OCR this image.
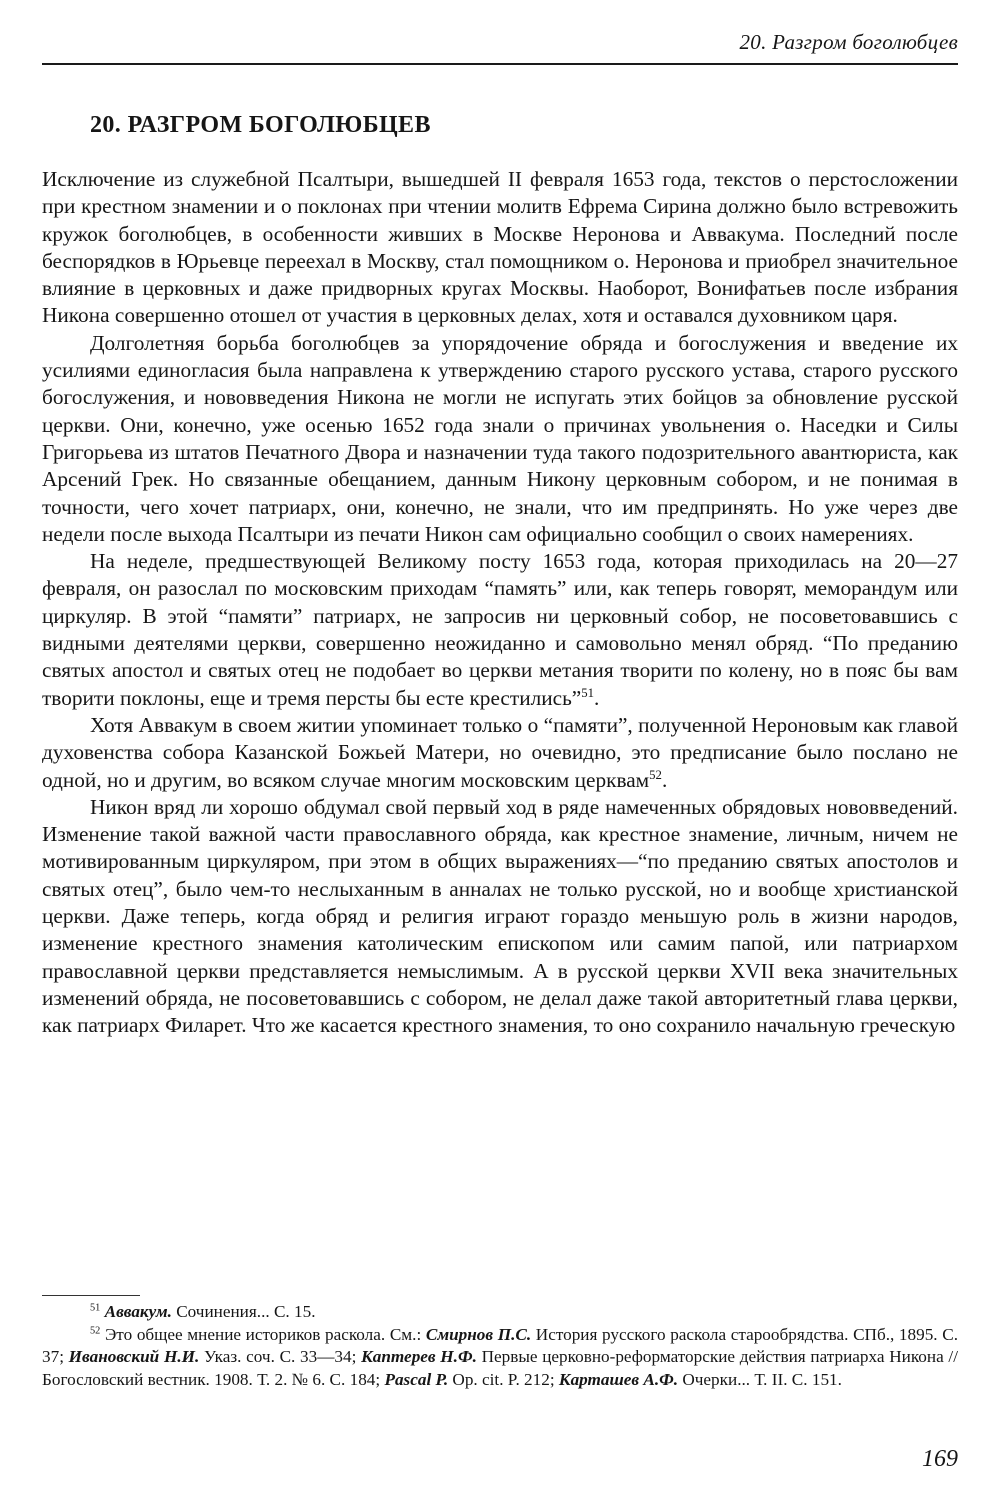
20. Разгром боголюбцев
20. РАЗГРОМ БОГОЛЮБЦЕВ

Исключение из служебной Псалтыри, вышедшей II февраля 1653 года, текстов о перстосложении при крестном знамении и о поклонах при чтении молитв Ефрема Сирина должно было встревожить кружок боголюбцев, в особенности живших в Москве Неронова и Аввакума. Последний после беспорядков в Юрьевце переехал в Москву, стал помощником о. Неронова и приобрел значительное влияние в церковных и даже придворных кругах Москвы. Наоборот, Вонифатьев после избрания Никона совершенно отошел от участия в церковных делах, хотя и оставался духовником царя.

Долголетняя борьба боголюбцев за упорядочение обряда и богослужения и введение их усилиями единогласия была направлена к утверждению старого русского устава, старого русского богослужения, и нововведения Никона не могли не испугать этих бойцов за обновление русской церкви. Они, конечно, уже осенью 1652 года знали о причинах увольнения о. Наседки и Силы Григорьева из штатов Печатного Двора и назначении туда такого подозрительного авантюриста, как Арсений Грек. Но связанные обещанием, данным Никону церковным собором, и не понимая в точности, чего хочет патриарх, они, конечно, не знали, что им предпринять. Но уже через две недели после выхода Псалтыри из печати Никон сам официально сообщил о своих намерениях.

На неделе, предшествующей Великому посту 1653 года, которая приходилась на 20—27 февраля, он разослал по московским приходам “память” или, как теперь говорят, меморандум или циркуляр. В этой “памяти” патриарх, не запросив ни церковный собор, не посоветовавшись с видными деятелями церкви, совершенно неожиданно и самовольно менял обряд. “По преданию святых апостол и святых отец не подобает во церкви метания творити по колену, но в пояс бы вам творити поклоны, еще и тремя персты бы есте крестились”$^{51}$.

Хотя Аввакум в своем житии упоминает только о “памяти”, полученной Нероновым как главой духовенства собора Казанской Божьей Матери, но очевидно, это предписание было послано не одной, но и другим, во всяком случае многим московским церквам$^{52}$.

Никон вряд ли хорошо обдумал свой первый ход в ряде намеченных обрядовых нововведений. Изменение такой важной части православного обряда, как крестное знамение, личным, ничем не мотивированным циркуляром, при этом в общих выражениях—“по преданию святых апостолов и святых отец”, было чем-то неслыханным в анналах не только русской, но и вообще христианской церкви. Даже теперь, когда обряд и религия играют гораздо меньшую роль в жизни народов, изменение крестного знамения католическим епископом или самим папой, или патриархом православной церкви представляется немыслимым. А в русской церкви XVII века значительных изменений обряда, не посоветовавшись с собором, не делал даже такой авторитетный глава церкви, как патриарх Филарет. Что же касается крестного знамения, то оно сохранило начальную греческую

$^{51}$ Аввакум. Сочинения... С. 15.

$^{52}$ Это общее мнение историков раскола. См.: Смирнов П.С. История русского раскола старообрядства. СПб., 1895. С. 37; Ивановский Н.И. Указ. соч. С. 33—34; Каптерев Н.Ф. Первые церковно-реформаторские действия патриарха Никона // Богословский вестник. 1908. Т. 2. № 6. С. 184; Pascal P. Op. cit. P. 212; Карташев А.Ф. Очерки... Т. II. С. 151.

169
